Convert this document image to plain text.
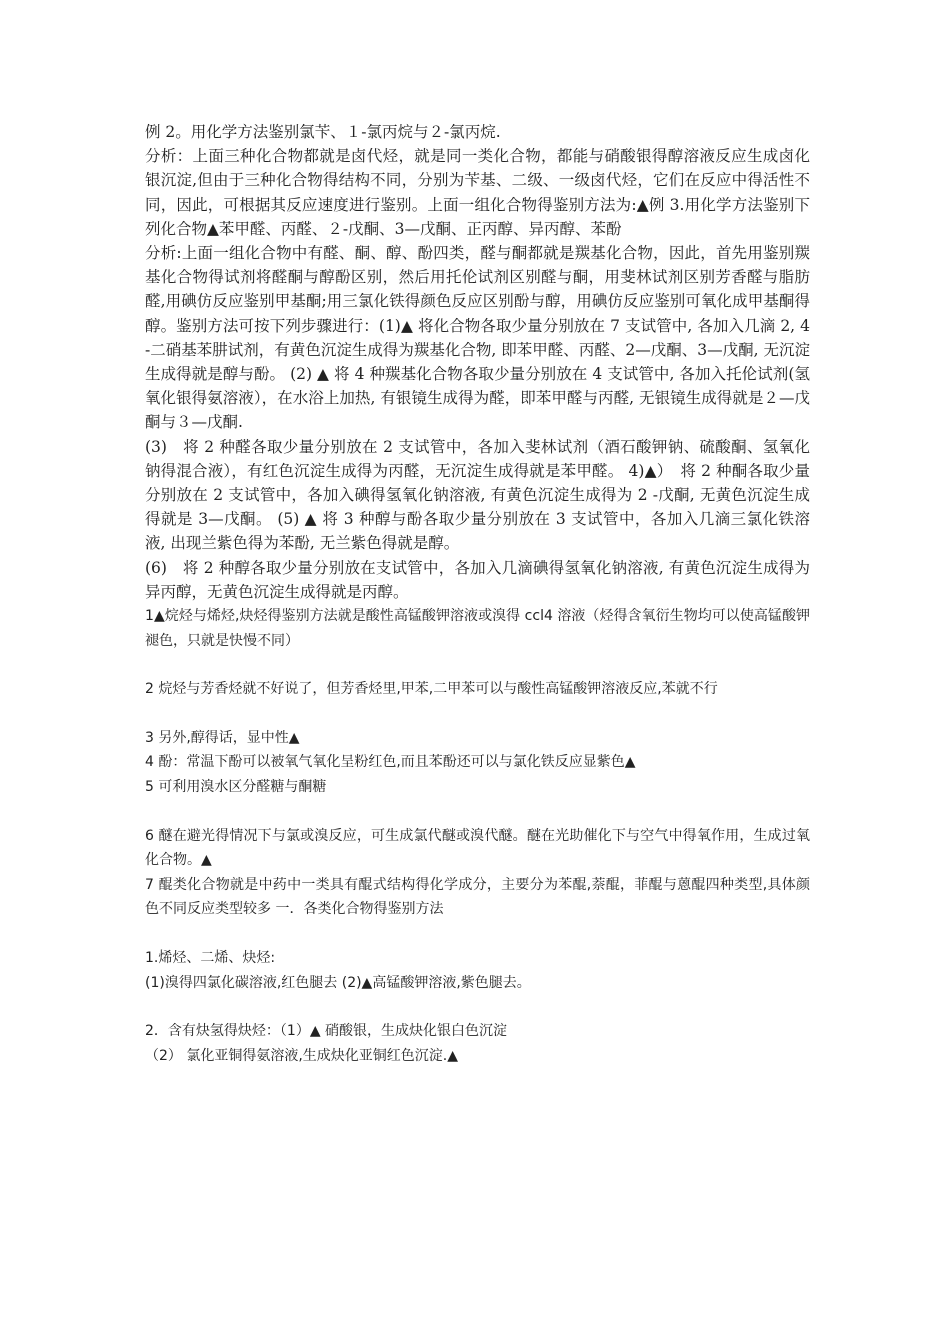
例 2。用化学方法鉴别氯苄、１-氯丙烷与２-氯丙烷.

分析：上面三种化合物都就是卤代烃，就是同一类化合物，都能与硝酸银得醇溶液反应生成卤化银沉淀,但由于三种化合物得结构不同，分别为苄基、二级、一级卤代烃，它们在反应中得活性不同，因此，可根据其反应速度进行鉴别。上面一组化合物得鉴别方法为:▲例 3.用化学方法鉴别下列化合物▲苯甲醛、丙醛、２-戊酮、3—戊酮、正丙醇、异丙醇、苯酚

分析:上面一组化合物中有醛、酮、醇、酚四类，醛与酮都就是羰基化合物，因此，首先用鉴别羰基化合物得试剂将醛酮与醇酚区别，然后用托伦试剂区别醛与酮，用斐林试剂区别芳香醛与脂肪醛,用碘仿反应鉴别甲基酮;用三氯化铁得颜色反应区别酚与醇，用碘仿反应鉴别可氧化成甲基酮得醇。鉴别方法可按下列步骤进行：(1)▲ 将化合物各取少量分别放在 7 支试管中, 各加入几滴 2, 4-二硝基苯肼试剂，有黄色沉淀生成得为羰基化合物, 即苯甲醛、丙醛、2—戊酮、3—戊酮, 无沉淀生成得就是醇与酚。 (2) ▲ 将 4 种羰基化合物各取少量分别放在 4 支试管中, 各加入托伦试剂(氢氧化银得氨溶液），在水浴上加热, 有银镜生成得为醛，即苯甲醛与丙醛, 无银镜生成得就是２—戊酮与３—戊酮.

(3)　将 2 种醛各取少量分别放在 2 支试管中，各加入斐林试剂（酒石酸钾钠、硫酸酮、氢氧化钠得混合液），有红色沉淀生成得为丙醛，无沉淀生成得就是苯甲醛。 4)▲）　将 2 种酮各取少量分别放在 2 支试管中，各加入碘得氢氧化钠溶液, 有黄色沉淀生成得为 2 -戊酮, 无黄色沉淀生成得就是 3—戊酮。 (5) ▲ 将 3 种醇与酚各取少量分别放在 3 支试管中，各加入几滴三氯化铁溶液, 出现兰紫色得为苯酚, 无兰紫色得就是醇。

(6)　将 2 种醇各取少量分别放在支试管中，各加入几滴碘得氢氧化钠溶液, 有黄色沉淀生成得为异丙醇，无黄色沉淀生成得就是丙醇。

1▲烷烃与烯烃,炔烃得鉴别方法就是酸性高锰酸钾溶液或溴得 ccl4 溶液（烃得含氧衍生物均可以使高锰酸钾褪色，只就是快慢不同）

2 烷烃与芳香烃就不好说了，但芳香烃里,甲苯,二甲苯可以与酸性高锰酸钾溶液反应,苯就不行

3 另外,醇得话，显中性▲

4 酚：常温下酚可以被氧气氧化呈粉红色,而且苯酚还可以与氯化铁反应显紫色▲

5 可利用溴水区分醛糖与酮糖

6 醚在避光得情况下与氯或溴反应，可生成氯代醚或溴代醚。醚在光助催化下与空气中得氧作用，生成过氧化合物。▲

7 醌类化合物就是中药中一类具有醌式结构得化学成分，主要分为苯醌,萘醌，菲醌与蒽醌四种类型,具体颜色不同反应类型较多 一．各类化合物得鉴别方法

1.烯烃、二烯、炔烃:

(1)溴得四氯化碳溶液,红色腿去 (2)▲高锰酸钾溶液,紫色腿去。

2．含有炔氢得炔烃：（1）▲ 硝酸银，生成炔化银白色沉淀

（2） 氯化亚铜得氨溶液,生成炔化亚铜红色沉淀.▲
